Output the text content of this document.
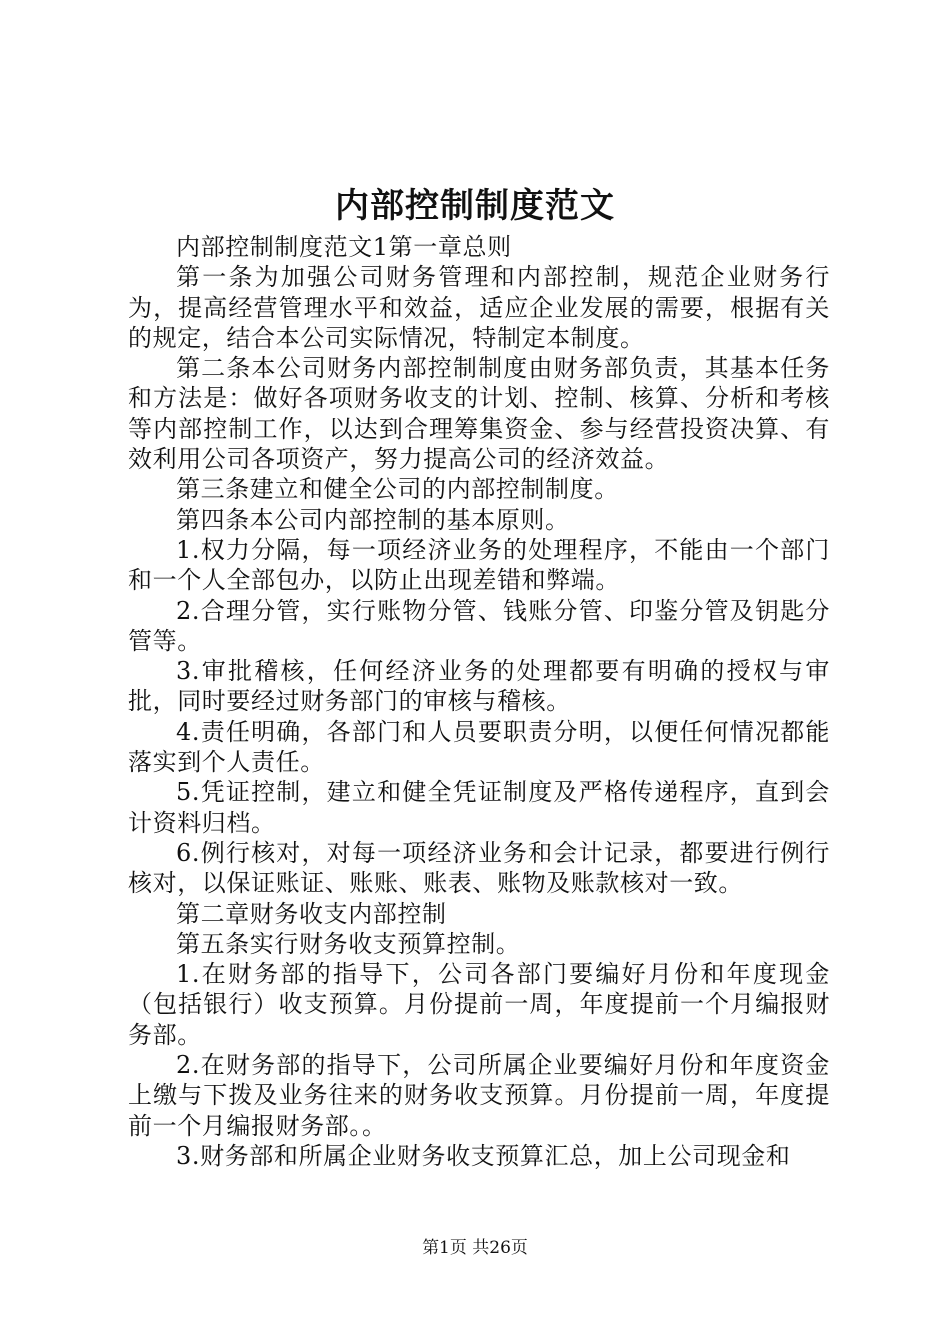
内部控制制度范文

内部控制制度范文1第一章总则

第一条为加强公司财务管理和内部控制，规范企业财务行为，提高经营管理水平和效益，适应企业发展的需要，根据有关的规定，结合本公司实际情况，特制定本制度。

第二条本公司财务内部控制制度由财务部负责，其基本任务和方法是：做好各项财务收支的计划、控制、核算、分析和考核等内部控制工作，以达到合理筹集资金、参与经营投资决算、有效利用公司各项资产，努力提高公司的经济效益。

第三条建立和健全公司的内部控制制度。

第四条本公司内部控制的基本原则。

1.权力分隔，每一项经济业务的处理程序，不能由一个部门和一个人全部包办，以防止出现差错和弊端。

2.合理分管，实行账物分管、钱账分管、印鉴分管及钥匙分管等。

3.审批稽核，任何经济业务的处理都要有明确的授权与审批，同时要经过财务部门的审核与稽核。

4.责任明确，各部门和人员要职责分明，以便任何情况都能落实到个人责任。

5.凭证控制，建立和健全凭证制度及严格传递程序，直到会计资料归档。

6.例行核对，对每一项经济业务和会计记录，都要进行例行核对，以保证账证、账账、账表、账物及账款核对一致。

第二章财务收支内部控制

第五条实行财务收支预算控制。

1.在财务部的指导下，公司各部门要编好月份和年度现金（包括银行）收支预算。月份提前一周，年度提前一个月编报财务部。

2.在财务部的指导下，公司所属企业要编好月份和年度资金上缴与下拨及业务往来的财务收支预算。月份提前一周，年度提前一个月编报财务部。。

3.财务部和所属企业财务收支预算汇总，加上公司现金和

第1页 共26页
